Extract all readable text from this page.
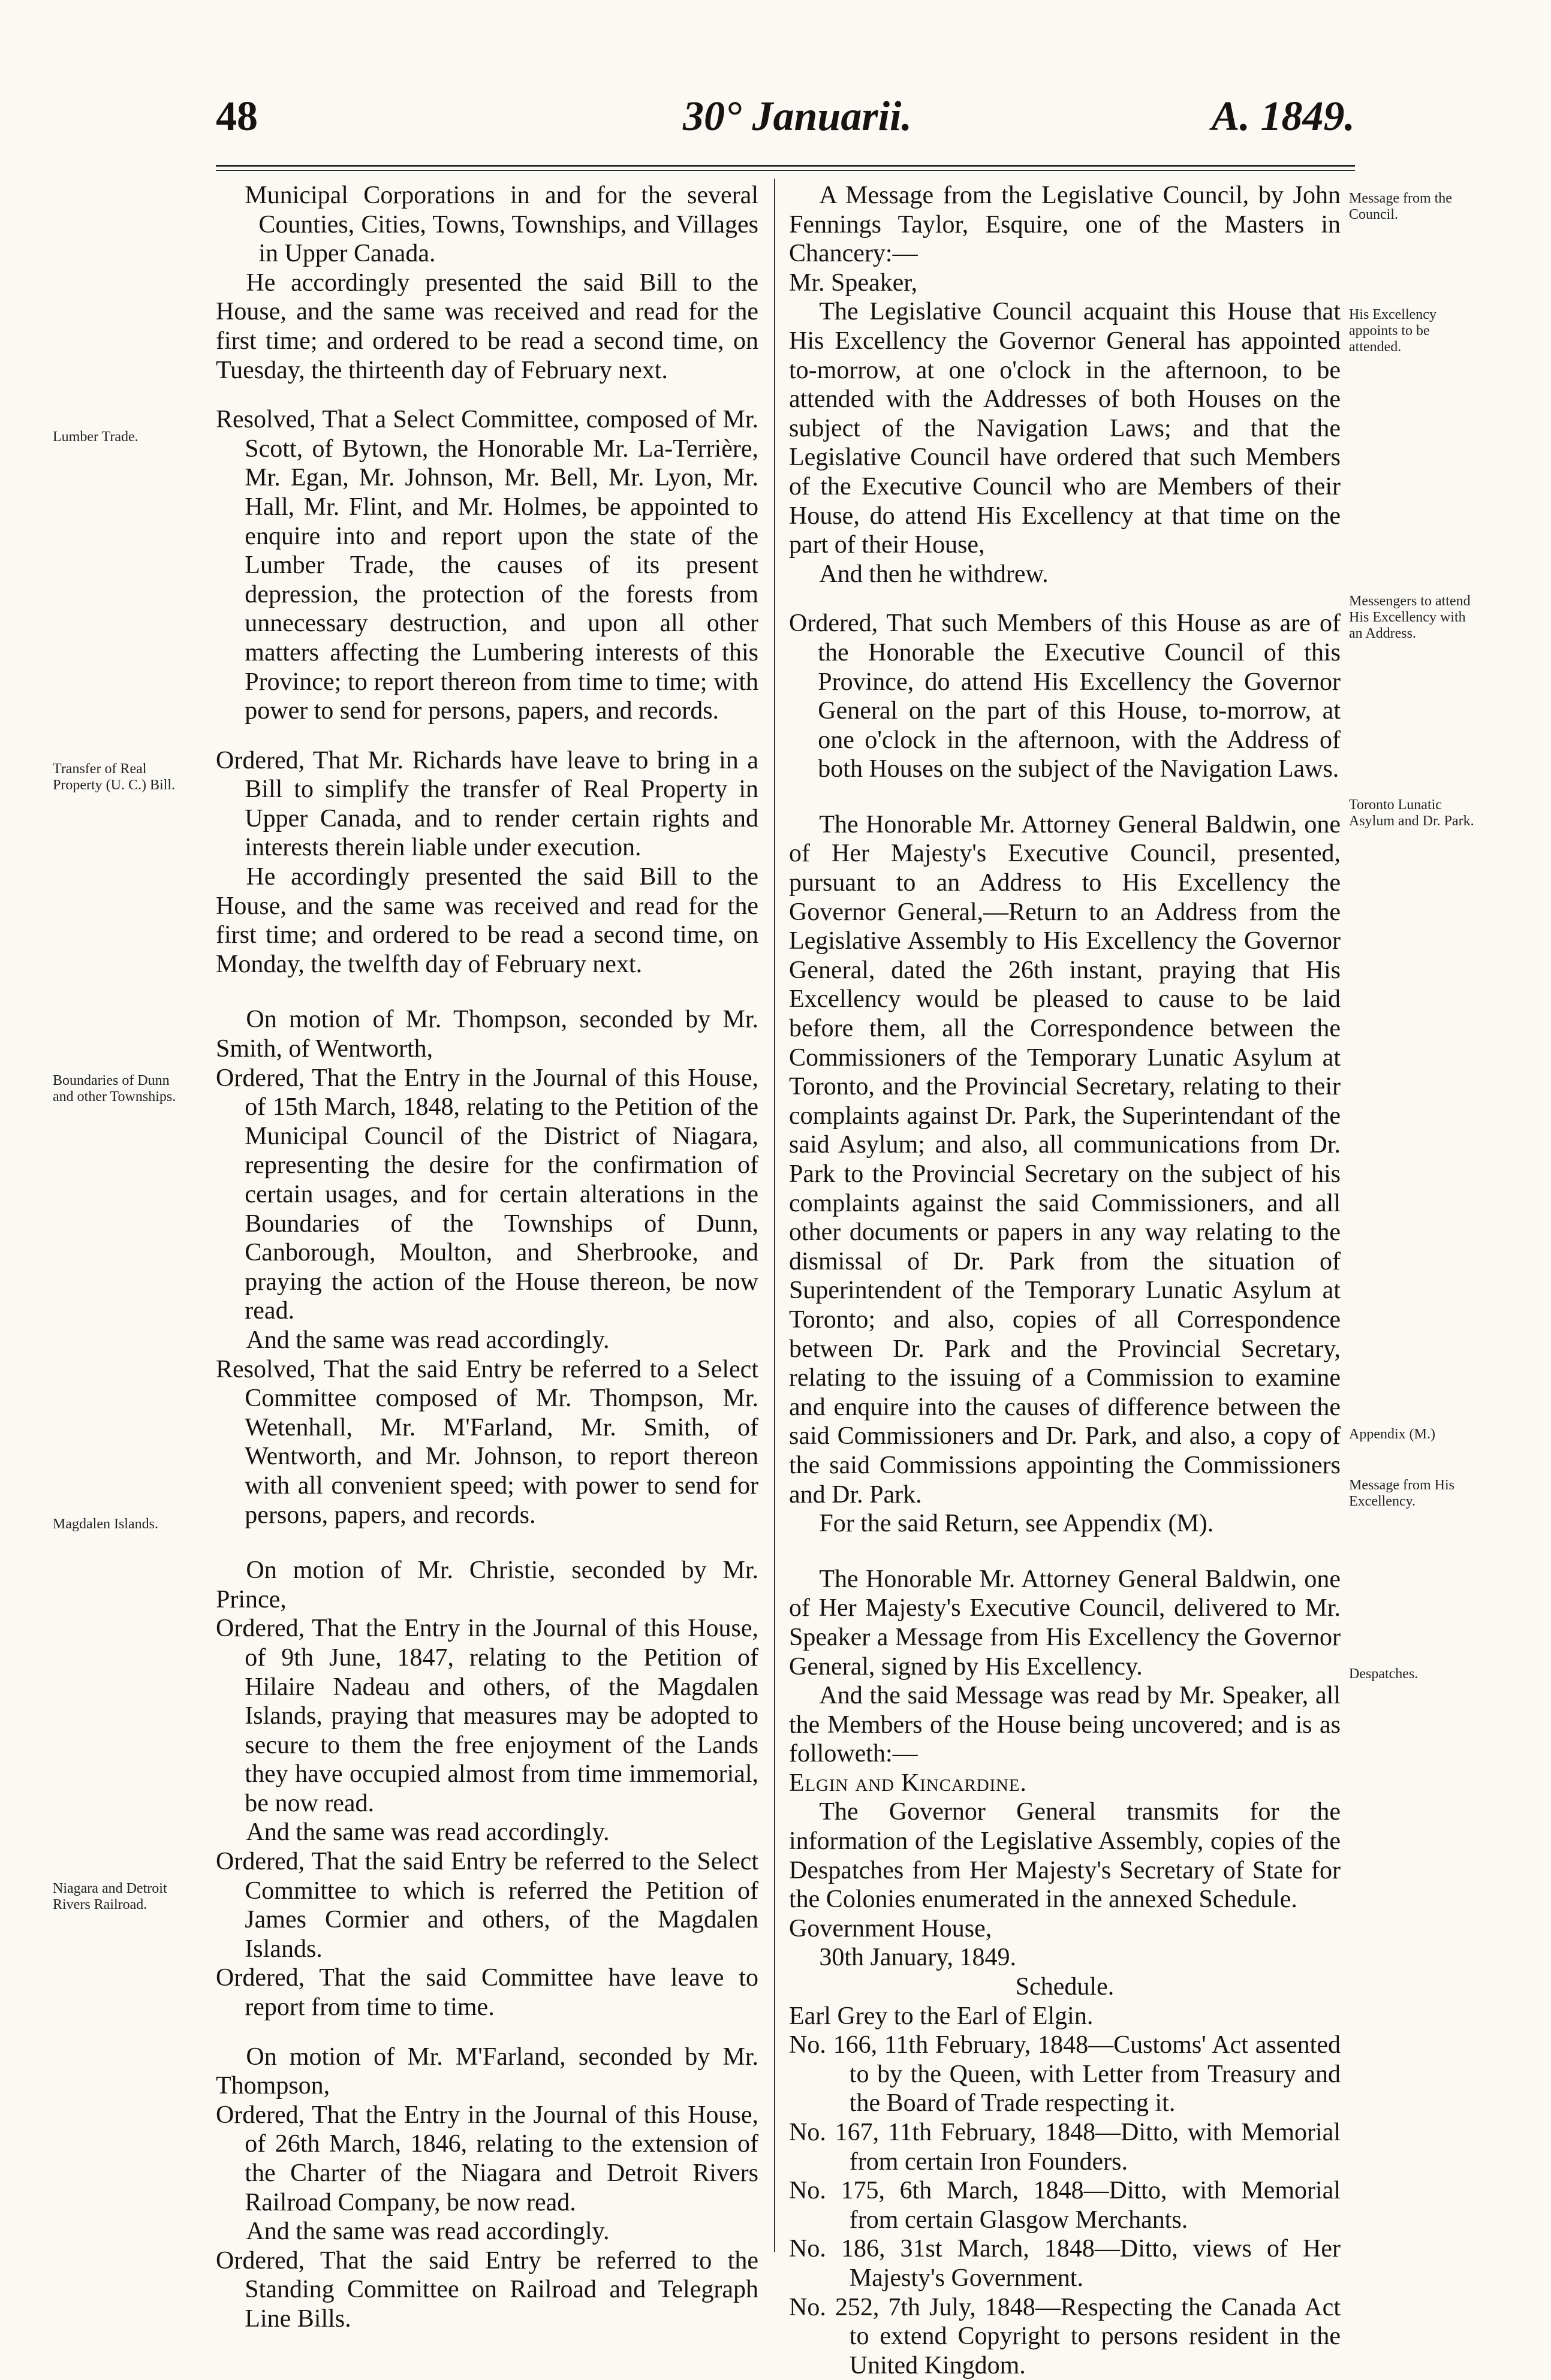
48	30° Januarii.	A. 1849.

Municipal Corporations in and for the several Counties, Cities, Towns, Townships, and Villages in Upper Canada.

He accordingly presented the said Bill to the House, and the same was received and read for the first time; and ordered to be read a second time, on Tuesday, the thirteenth day of February next.

Resolved, That a Select Committee, composed of Mr. Scott, of Bytown, the Honorable Mr. La-Terrière, Mr. Egan, Mr. Johnson, Mr. Bell, Mr. Lyon, Mr. Hall, Mr. Flint, and Mr. Holmes, be appointed to enquire into and report upon the state of the Lumber Trade, the causes of its present depression, the protection of the forests from unnecessary destruction, and upon all other matters affecting the Lumbering interests of this Province; to report thereon from time to time; with power to send for persons, papers, and records.

Ordered, That Mr. Richards have leave to bring in a Bill to simplify the transfer of Real Property in Upper Canada, and to render certain rights and interests therein liable under execution.

He accordingly presented the said Bill to the House, and the same was received and read for the first time; and ordered to be read a second time, on Monday, the twelfth day of February next.

On motion of Mr. Thompson, seconded by Mr. Smith, of Wentworth,

Ordered, That the Entry in the Journal of this House, of 15th March, 1848, relating to the Petition of the Municipal Council of the District of Niagara, representing the desire for the confirmation of certain usages, and for certain alterations in the Boundaries of the Townships of Dunn, Canborough, Moulton, and Sherbrooke, and praying the action of the House thereon, be now read.

And the same was read accordingly.

Resolved, That the said Entry be referred to a Select Committee composed of Mr. Thompson, Mr. Wetenhall, Mr. M'Farland, Mr. Smith, of Wentworth, and Mr. Johnson, to report thereon with all convenient speed; with power to send for persons, papers, and records.

On motion of Mr. Christie, seconded by Mr. Prince,

Ordered, That the Entry in the Journal of this House, of 9th June, 1847, relating to the Petition of Hilaire Nadeau and others, of the Magdalen Islands, praying that measures may be adopted to secure to them the free enjoyment of the Lands they have occupied almost from time immemorial, be now read.

And the same was read accordingly.

Ordered, That the said Entry be referred to the Select Committee to which is referred the Petition of James Cormier and others, of the Magdalen Islands.

Ordered, That the said Committee have leave to report from time to time.

On motion of Mr. M'Farland, seconded by Mr. Thompson,

Ordered, That the Entry in the Journal of this House, of 26th March, 1846, relating to the extension of the Charter of the Niagara and Detroit Rivers Railroad Company, be now read.

And the same was read accordingly.

Ordered, That the said Entry be referred to the Standing Committee on Railroad and Telegraph Line Bills.

A Message from the Legislative Council, by John Fennings Taylor, Esquire, one of the Masters in Chancery:—

Mr. Speaker,

The Legislative Council acquaint this House that His Excellency the Governor General has appointed to-morrow, at one o'clock in the afternoon, to be attended with the Addresses of both Houses on the subject of the Navigation Laws; and that the Legislative Council have ordered that such Members of the Executive Council who are Members of their House, do attend His Excellency at that time on the part of their House,

And then he withdrew.

Ordered, That such Members of this House as are of the Honorable the Executive Council of this Province, do attend His Excellency the Governor General on the part of this House, to-morrow, at one o'clock in the afternoon, with the Address of both Houses on the subject of the Navigation Laws.

The Honorable Mr. Attorney General Baldwin, one of Her Majesty's Executive Council, presented, pursuant to an Address to His Excellency the Governor General,—Return to an Address from the Legislative Assembly to His Excellency the Governor General, dated the 26th instant, praying that His Excellency would be pleased to cause to be laid before them, all the Correspondence between the Commissioners of the Temporary Lunatic Asylum at Toronto, and the Provincial Secretary, relating to their complaints against Dr. Park, the Superintendant of the said Asylum; and also, all communications from Dr. Park to the Provincial Secretary on the subject of his complaints against the said Commissioners, and all other documents or papers in any way relating to the dismissal of Dr. Park from the situation of Superintendent of the Temporary Lunatic Asylum at Toronto; and also, copies of all Correspondence between Dr. Park and the Provincial Secretary, relating to the issuing of a Commission to examine and enquire into the causes of difference between the said Commissioners and Dr. Park, and also, a copy of the said Commissions appointing the Commissioners and Dr. Park.

For the said Return, see Appendix (M).

The Honorable Mr. Attorney General Baldwin, one of Her Majesty's Executive Council, delivered to Mr. Speaker a Message from His Excellency the Governor General, signed by His Excellency.

And the said Message was read by Mr. Speaker, all the Members of the House being uncovered; and is as followeth:—

Elgin and Kincardine.

The Governor General transmits for the information of the Legislative Assembly, copies of the Despatches from Her Majesty's Secretary of State for the Colonies enumerated in the annexed Schedule.

Government House,

30th January, 1849.

Schedule.

Earl Grey to the Earl of Elgin.

No. 166, 11th February, 1848—Customs' Act assented to by the Queen, with Letter from Treasury and the Board of Trade respecting it.

No. 167, 11th February, 1848—Ditto, with Memorial from certain Iron Founders.

No. 175, 6th March, 1848—Ditto, with Memorial from certain Glasgow Merchants.

No. 186, 31st March, 1848—Ditto, views of Her Majesty's Government.

No. 252, 7th July, 1848—Respecting the Canada Act to extend Copyright to persons resident in the United Kingdom.

Lumber Trade.
Transfer of Real Property (U. C.) Bill.
Boundaries of Dunn and other Townships.
Magdalen Islands.
Niagara and Detroit Rivers Railroad.
Message from the Council.
His Excellency appoints to be attended.
Messengers to attend His Excellency with an Address.
Toronto Lunatic Asylum and Dr. Park.
Appendix (M.)
Message from His Excellency.
Despatches.
